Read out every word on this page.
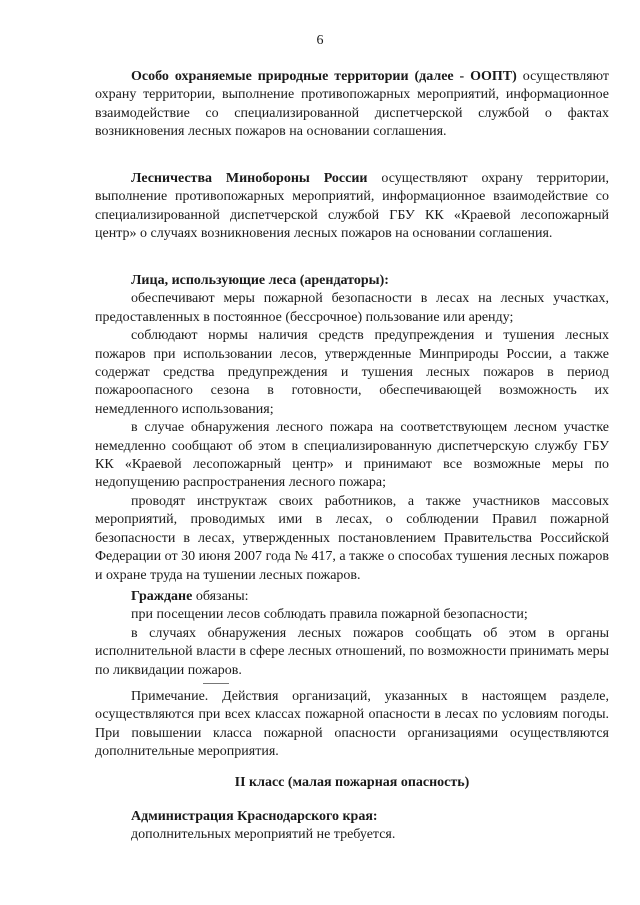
6

Особо охраняемые природные территории (далее - ООПТ) осуществляют охрану территории, выполнение противопожарных мероприятий, информационное взаимодействие со специализированной диспетчерской службой о фактах возникновения лесных пожаров на основании соглашения.

Лесничества Минобороны России осуществляют охрану территории, выполнение противопожарных мероприятий, информационное взаимодействие со специализированной диспетчерской службой ГБУ КК «Краевой лесопожарный центр» о случаях возникновения лесных пожаров на основании соглашения.

Лица, использующие леса (арендаторы):

обеспечивают меры пожарной безопасности в лесах на лесных участках, предоставленных в постоянное (бессрочное) пользование или аренду;

соблюдают нормы наличия средств предупреждения и тушения лесных пожаров при использовании лесов, утвержденные Минприроды России, а также содержат средства предупреждения и тушения лесных пожаров в период пожароопасного сезона в готовности, обеспечивающей возможность их немедленного использования;

в случае обнаружения лесного пожара на соответствующем лесном участке немедленно сообщают об этом в специализированную диспетчерскую службу ГБУ КК «Краевой лесопожарный центр» и принимают все возможные меры по недопущению распространения лесного пожара;

проводят инструктаж своих работников, а также участников массовых мероприятий, проводимых ими в лесах, о соблюдении Правил пожарной безопасности в лесах, утвержденных постановлением Правительства Российской Федерации от 30 июня 2007 года № 417, а также о способах тушения лесных пожаров и охране труда на тушении лесных пожаров.

Граждане обязаны:

при посещении лесов соблюдать правила пожарной безопасности;

в случаях обнаружения лесных пожаров сообщать об этом в органы исполнительной власти в сфере лесных отношений, по возможности принимать меры по ликвидации пожаров.

Примечание. Действия организаций, указанных в настоящем разделе, осуществляются при всех классах пожарной опасности в лесах по условиям погоды. При повышении класса пожарной опасности организациями осуществляются дополнительные мероприятия.

II класс (малая пожарная опасность)

Администрация Краснодарского края:

дополнительных мероприятий не требуется.
